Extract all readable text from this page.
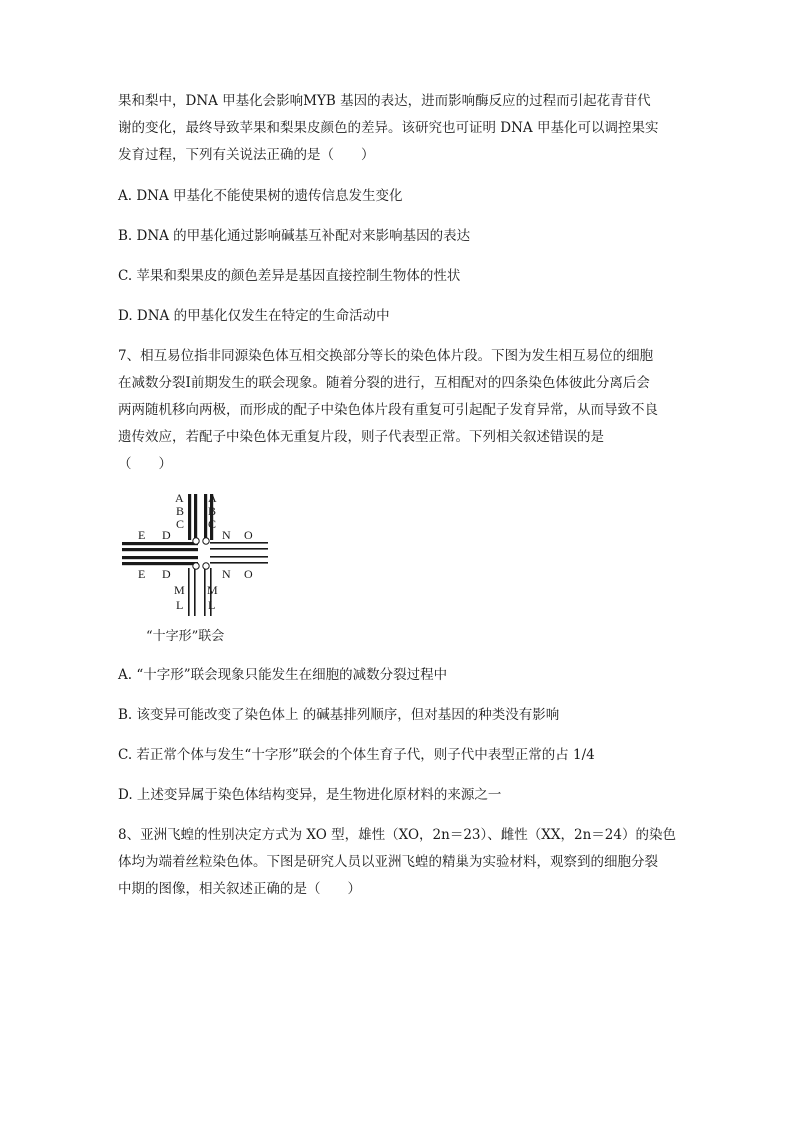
果和梨中，DNA 甲基化会影响MYB 基因的表达，进而影响酶反应的过程而引起花青苷代

谢的变化，最终导致苹果和梨果皮颜色的差异。该研究也可证明 DNA 甲基化可以调控果实

发育过程，下列有关说法正确的是（　　）

A. DNA 甲基化不能使果树的遗传信息发生变化

B. DNA 的甲基化通过影响碱基互补配对来影响基因的表达

C. 苹果和梨果皮的颜色差异是基因直接控制生物体的性状

D. DNA 的甲基化仅发生在特定的生命活动中

7、相互易位指非同源染色体互相交换部分等长的染色体片段。下图为发生相互易位的细胞

在减数分裂Ⅰ前期发生的联会现象。随着分裂的进行，互相配对的四条染色体彼此分离后会

两两随机移向两极，而形成的配子中染色体片段有重复可引起配子发育异常，从而导致不良

遗传效应，若配子中染色体无重复片段，则子代表型正常。下列相关叙述错误的是

（　　）

A
B
C
A
B
C
E D	N O
E D	N O
M
L
M
L
“十字形”联会

A. “十字形”联会现象只能发生在细胞的减数分裂过程中

B. 该变异可能改变了染色体上 的碱基排列顺序，但对基因的种类没有影响

C. 若正常个体与发生“十字形”联会的个体生育子代，则子代中表型正常的占 1/4

D. 上述变异属于染色体结构变异，是生物进化原材料的来源之一

8、亚洲飞蝗的性别决定方式为 XO 型，雄性（XO，2n＝23）、雌性（XX，2n＝24）的染色

体均为端着丝粒染色体。下图是研究人员以亚洲飞蝗的精巢为实验材料，观察到的细胞分裂

中期的图像，相关叙述正确的是（　　）
